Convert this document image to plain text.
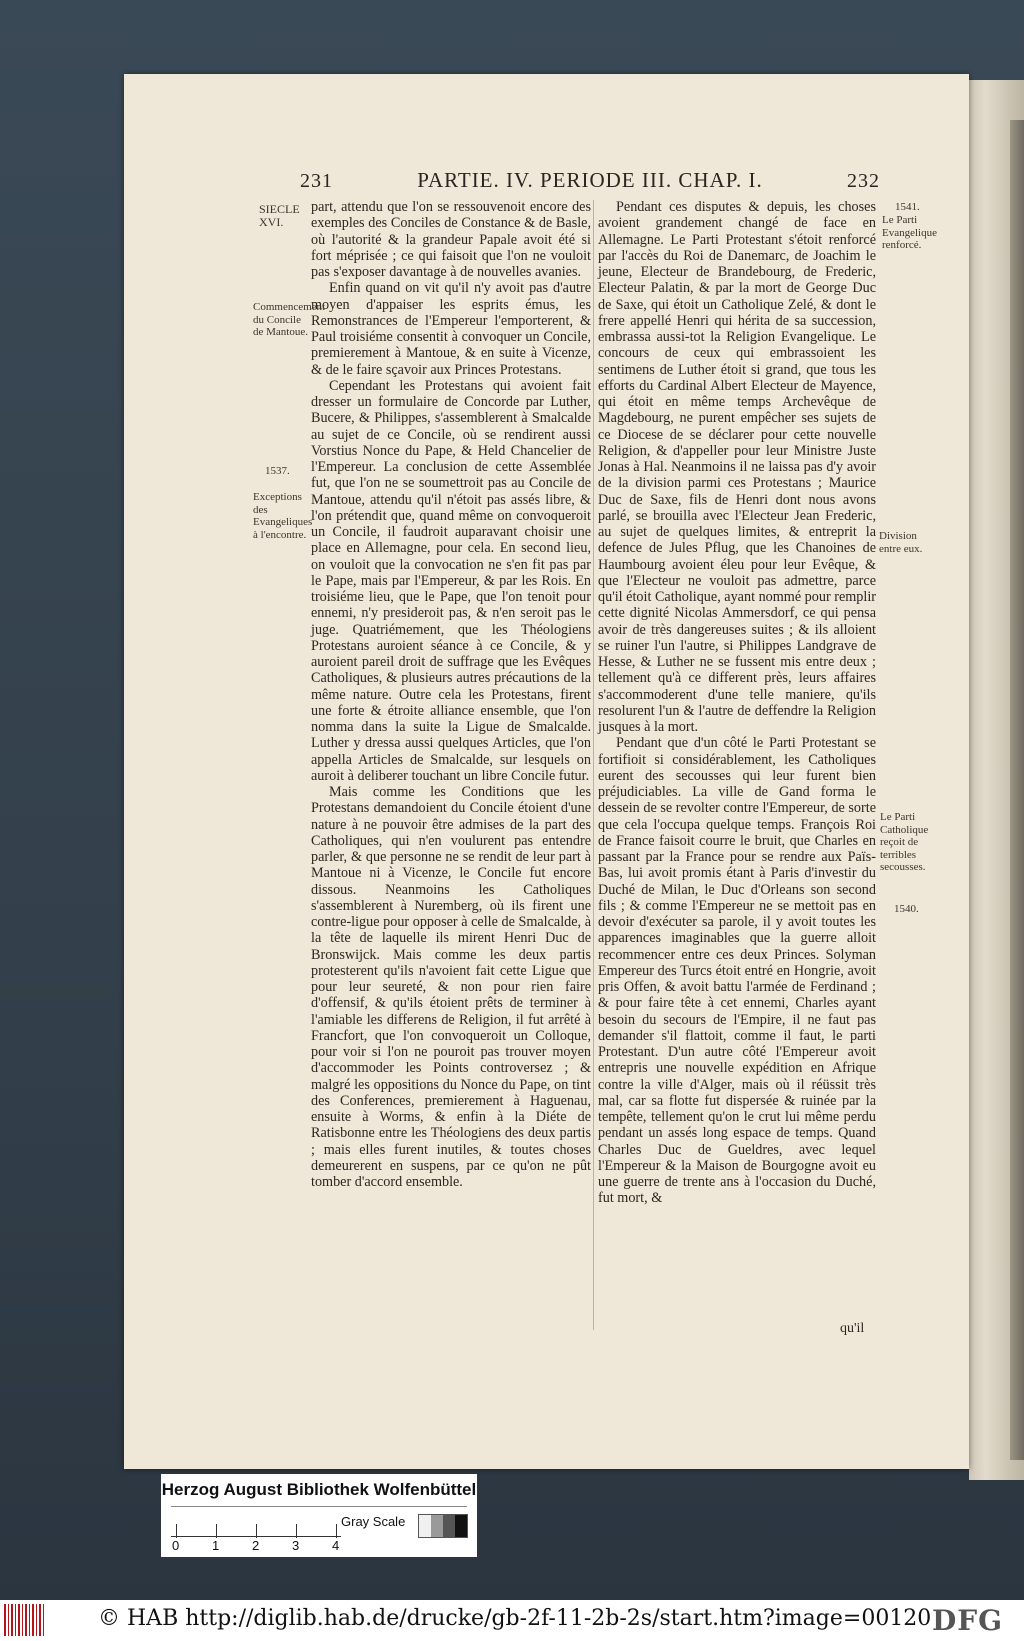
231	PARTIE. IV. PERIODE III. CHAP. I.	232

part, attendu que l'on se ressouvenoit encore des exemples des Conciles de Constance & de Basle, où l'autorité & la grandeur Papale avoit été si fort méprisée ; ce qui faisoit que l'on ne vouloit pas s'exposer davantage à de nouvelles avanies.

Enfin quand on vit qu'il n'y avoit pas d'autre moyen d'appaiser les esprits émus, les Remonstrances de l'Empereur l'emporterent, & Paul troisiéme consentit à convoquer un Concile, premierement à Mantoue, & en suite à Vicenze, & de le faire sçavoir aux Princes Protestans.

Cependant les Protestans qui avoient fait dresser un formulaire de Concorde par Luther, Bucere, & Philippes, s'assemblerent à Smalcalde au sujet de ce Concile, où se rendirent aussi Vorstius Nonce du Pape, & Held Chancelier de l'Empereur. La conclusion de cette Assemblée fut, que l'on ne se soumettroit pas au Concile de Mantoue, attendu qu'il n'étoit pas assés libre, & l'on prétendit que, quand même on convoqueroit un Concile, il faudroit auparavant choisir une place en Allemagne, pour cela. En second lieu, on vouloit que la convocation ne s'en fit pas par le Pape, mais par l'Empereur, & par les Rois. En troisiéme lieu, que le Pape, que l'on tenoit pour ennemi, n'y presideroit pas, & n'en seroit pas le juge. Quatriémement, que les Théologiens Protestans auroient séance à ce Concile, & y auroient pareil droit de suffrage que les Evêques Catholiques, & plusieurs autres précautions de la même nature. Outre cela les Protestans, firent une forte & étroite alliance ensemble, que l'on nomma dans la suite la Ligue de Smalcalde. Luther y dressa aussi quelques Articles, que l'on appella Articles de Smalcalde, sur lesquels on auroit à deliberer touchant un libre Concile futur.

Mais comme les Conditions que les Protestans demandoient du Concile étoient d'une nature à ne pouvoir être admises de la part des Catholiques, qui n'en voulurent pas entendre parler, & que personne ne se rendit de leur part à Mantoue ni à Vicenze, le Concile fut encore dissous. Neanmoins les Catholiques s'assemblerent à Nuremberg, où ils firent une contre-ligue pour opposer à celle de Smalcalde, à la tête de laquelle ils mirent Henri Duc de Bronswijck. Mais comme les deux partis protesterent qu'ils n'avoient fait cette Ligue que pour leur seureté, & non pour rien faire d'offensif, & qu'ils étoient prêts de terminer à l'amiable les differens de Religion, il fut arrêté à Francfort, que l'on convoqueroit un Colloque, pour voir si l'on ne pouroit pas trouver moyen d'accommoder les Points controversez ; & malgré les oppositions du Nonce du Pape, on tint des Conferences, premierement à Haguenau, ensuite à Worms, & enfin à la Diéte de Ratisbonne entre les Théologiens des deux partis ; mais elles furent inutiles, & toutes choses demeurerent en suspens, par ce qu'on ne pût tomber d'accord ensemble.

Pendant ces disputes & depuis, les choses avoient grandement changé de face en Allemagne. Le Parti Protestant s'étoit renforcé par l'accès du Roi de Danemarc, de Joachim le jeune, Electeur de Brandebourg, de Frederic, Electeur Palatin, & par la mort de George Duc de Saxe, qui étoit un Catholique Zelé, & dont le frere appellé Henri qui hérita de sa succession, embrassa aussi-tot la Religion Evangelique. Le concours de ceux qui embrassoient les sentimens de Luther étoit si grand, que tous les efforts du Cardinal Albert Electeur de Mayence, qui étoit en même temps Archevêque de Magdebourg, ne purent empêcher ses sujets de ce Diocese de se déclarer pour cette nouvelle Religion, & d'appeller pour leur Ministre Juste Jonas à Hal. Neanmoins il ne laissa pas d'y avoir de la division parmi ces Protestans ; Maurice Duc de Saxe, fils de Henri dont nous avons parlé, se brouilla avec l'Electeur Jean Frederic, au sujet de quelques limites, & entreprit la defence de Jules Pflug, que les Chanoines de Haumbourg avoient éleu pour leur Evêque, & que l'Electeur ne vouloit pas admettre, parce qu'il étoit Catholique, ayant nommé pour remplir cette dignité Nicolas Ammersdorf, ce qui pensa avoir de très dangereuses suites ; & ils alloient se ruiner l'un l'autre, si Philippes Landgrave de Hesse, & Luther ne se fussent mis entre deux ; tellement qu'à ce different près, leurs affaires s'accommoderent d'une telle maniere, qu'ils resolurent l'un & l'autre de deffendre la Religion jusques à la mort.

Pendant que d'un côté le Parti Protestant se fortifioit si considérablement, les Catholiques eurent des secousses qui leur furent bien préjudiciables. La ville de Gand forma le dessein de se revolter contre l'Empereur, de sorte que cela l'occupa quelque temps. François Roi de France faisoit courre le bruit, que Charles en passant par la France pour se rendre aux Païs-Bas, lui avoit promis étant à Paris d'investir du Duché de Milan, le Duc d'Orleans son second fils ; & comme l'Empereur ne se mettoit pas en devoir d'exécuter sa parole, il y avoit toutes les apparences imaginables que la guerre alloit recommencer entre ces deux Princes. Solyman Empereur des Turcs étoit entré en Hongrie, avoit pris Offen, & avoit battu l'armée de Ferdinand ; & pour faire tête à cet ennemi, Charles ayant besoin du secours de l'Empire, il ne faut pas demander s'il flattoit, comme il faut, le parti Protestant. D'un autre côté l'Empereur avoit entrepris une nouvelle expédition en Afrique contre la ville d'Alger, mais où il réüssit très mal, car sa flotte fut dispersée & ruinée par la tempête, tellement qu'on le crut lui même perdu pendant un assés long espace de temps. Quand Charles Duc de Gueldres, avec lequel l'Empereur & la Maison de Bourgogne avoit eu une guerre de trente ans à l'occasion du Duché, fut mort, &

qu'il
SIECLE XVI.
Commencement du Concile de Mantoue.
1537.
Exceptions des Evangeliques à l'encontre.
1541.
Le Parti Evangelique renforcé.
Division entre eux.
Le Parti Catholique reçoit de terribles secousses.
1540.
Herzog August Bibliothek Wolfenbüttel
0	1	2	3	4
Gray Scale
© HAB http://diglib.hab.de/drucke/gb-2f-11-2b-2s/start.htm?image=00120 DFG
